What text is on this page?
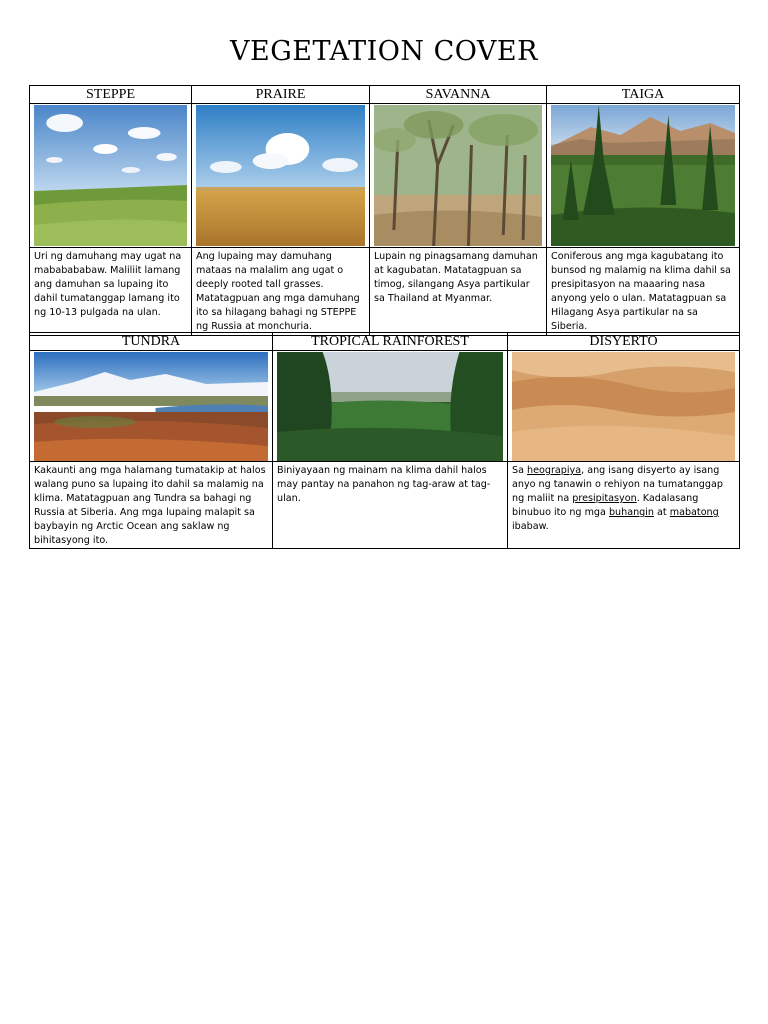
VEGETATION COVER
STEPPE	PRAIRE	SAVANNA	TAIGA

Uri ng damuhang may ugat na mababababaw. Maliliit lamang ang damuhan sa lupaing ito dahil tumatanggap lamang ito ng 10-13 pulgada na ulan.	Ang lupaing may damuhang mataas na malalim ang ugat o deeply rooted tall grasses. Matatagpuan ang mga damuhang ito sa hilagang bahagi ng STEPPE ng Russia at monchuria.	Lupain ng pinagsamang damuhan at kagubatan. Matatagpuan sa timog, silangang Asya partikular sa Thailand at Myanmar.	Coniferous ang mga kagubatang ito bunsod ng malamig na klima dahil sa presipitasyon na maaaring nasa anyong yelo o ulan. Matatagpuan sa Hilagang Asya partikular na sa Siberia.
TUNDRA	TROPICAL RAINFOREST	DISYERTO

Kakaunti ang mga halamang tumatakip at halos walang puno sa lupaing ito dahil sa malamig na klima. Matatagpuan ang Tundra sa bahagi ng Russia at Siberia. Ang mga lupaing malapit sa baybayin ng Arctic Ocean ang saklaw ng bihitasyong ito.	Biniyayaan ng mainam na klima dahil halos may pantay na panahon ng tag-araw at tag-ulan.	Sa heograpiya, ang isang disyerto ay isang anyo ng tanawin o rehiyon na tumatanggap ng maliit na presipitasyon. Kadalasang binubuo ito ng mga buhangin at mabatong ibabaw.
